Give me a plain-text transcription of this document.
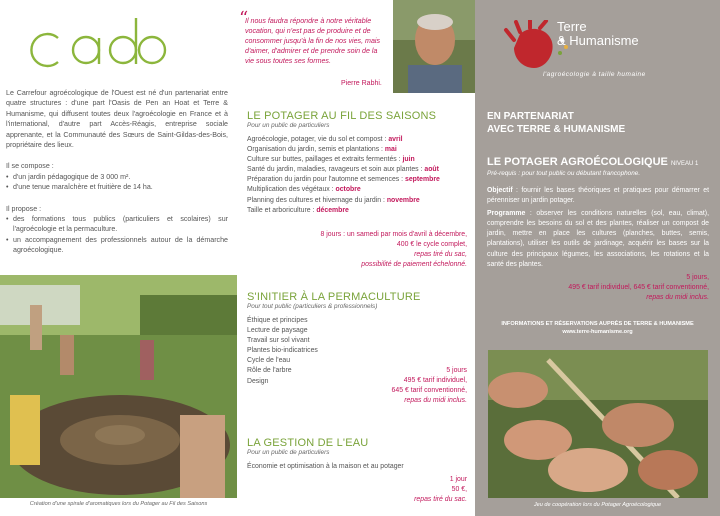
Le Carrefour agroécologique de l'Ouest est né d'un partenariat entre quatre structures : d'une part l'Oasis de Pen an Hoat et Terre & Humanisme, qui diffusent toutes deux l'agroécologie en France et à l'international, d'autre part Accès-Réagis, entreprise sociale apprenante, et la Communauté des Sœurs de Saint-Gildas-des-Bois, propriétaire des lieux.

Il se compose :
• d'un jardin pédagogique de 3 000 m².
• d'une tenue maraîchère et fruitière de 14 ha.
Il propose :
• des formations tous publics (particuliers et scolaires) sur l'agroécologie et la permaculture.
• un accompagnement des professionnels autour de la démarche agroécologique.
Création d'une spirale d'aromatiques lors du Potager au Fil des Saisons
“
Il nous faudra répondre à notre véritable vocation, qui n'est pas de produire et de consommer jusqu'à la fin de nos vies, mais d'aimer, d'admirer et de prendre soin de la vie sous toutes ses formes.
Pierre Rabhi.
LE POTAGER AU FIL DES SAISONS
Pour un public de particuliers
Agroécologie, potager, vie du sol et compost : avril
Organisation du jardin, semis et plantations : mai
Culture sur buttes, paillages et extraits fermentés : juin
Santé du jardin, maladies, ravageurs et soin aux plantes : août
Préparation du jardin pour l'automne et semences : septembre
Multiplication des végétaux : octobre
Planning des cultures et hivernage du jardin : novembre
Taille et arboriculture : décembre
8 jours : un samedi par mois d'avril à décembre,
400 € le cycle complet,
repas tiré du sac,
possibilité de paiement échelonné.
S'INITIER À LA PERMACULTURE
Pour tout public (particuliers & professionnels)
Éthique et principes
Lecture de paysage
Travail sur sol vivant
Plantes bio-indicatrices
Cycle de l'eau
Rôle de l'arbre
Design
5 jours
495 € tarif individuel,
645 € tarif conventionné,
repas du midi inclus.
LA GESTION DE L'EAU
Pour un public de particuliers
Économie et optimisation à la maison et au potager
1 jour
50 €,
repas tiré du sac.
Terre
& Humanisme
l'agroécologie à taille humaine
EN PARTENARIAT
AVEC TERRE & HUMANISME
LE POTAGER AGROÉCOLOGIQUE NIVEAU 1
Pré-requis : pour tout public ou débutant francophone.

Objectif : fournir les bases théoriques et pratiques pour démarrer et pérenniser un jardin potager.

Programme : observer les conditions naturelles (sol, eau, climat), comprendre les besoins du sol et des plantes, réaliser un compost de jardin, mettre en place les cultures (planches, buttes, semis, plantations), utiliser les outils de jardinage, acquérir les bases sur la culture des principaux légumes, les associations, les rotations et la santé des plantes.

5 jours,
495 € tarif individuel, 645 € tarif conventionné,
repas du midi inclus.
INFORMATIONS ET RÉSERVATIONS AUPRÈS DE TERRE & HUMANISME
www.terre-humanisme.org
Jeu de coopération lors du Potager Agroécologique
